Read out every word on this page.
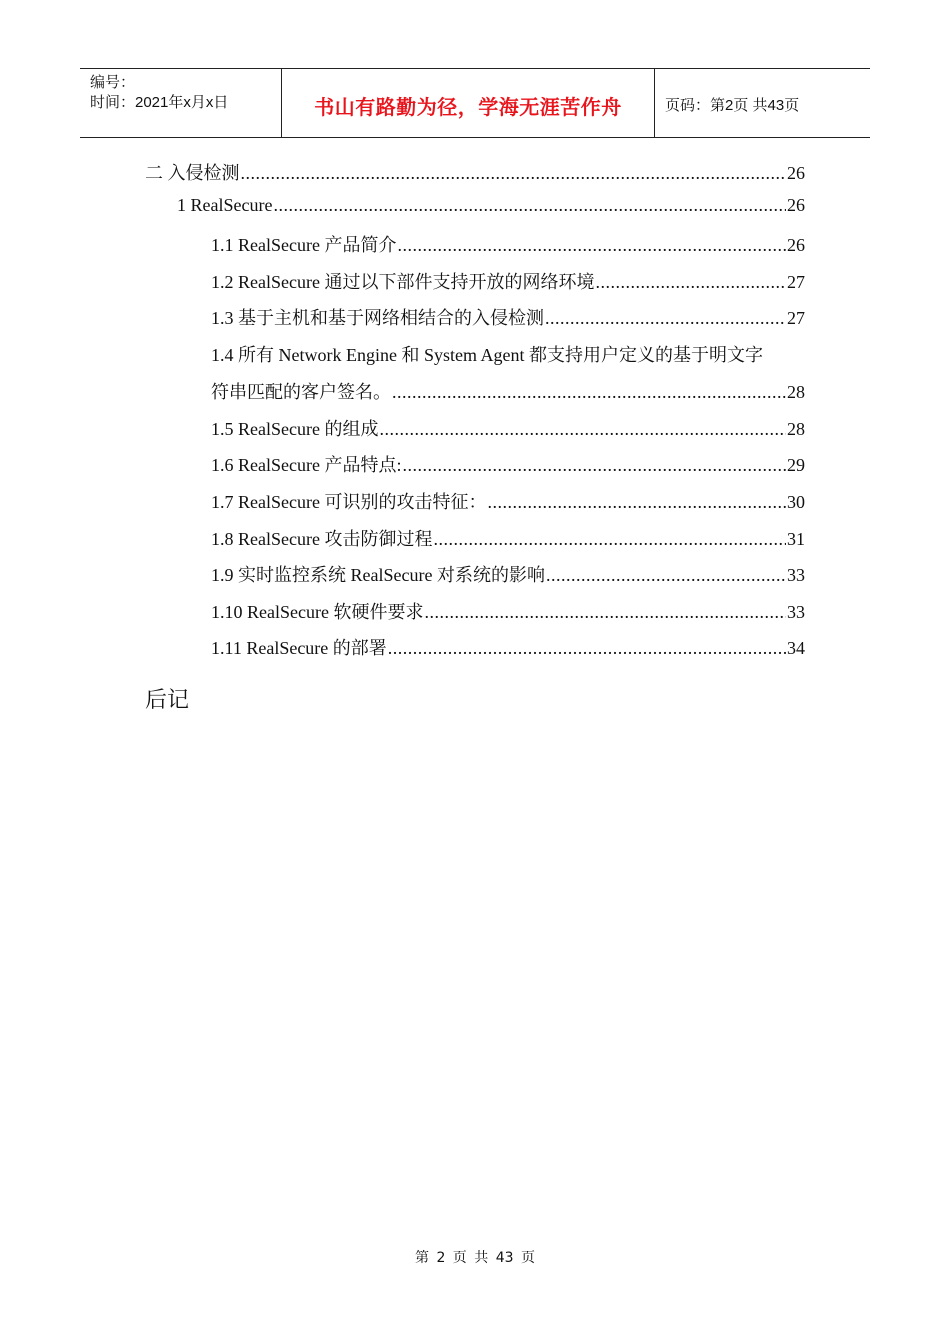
编号：
时间：2021年x月x日	书山有路勤为径，学海无涯苦作舟	页码：第2页 共43页
二 入侵检测 .....	26
1 RealSecure .....	26
1.1 RealSecure 产品简介 .....	26
1.2 RealSecure 通过以下部件支持开放的网络环境 .....	27
1.3 基于主机和基于网络相结合的入侵检测 .....	27
1.4 所有 Network Engine 和 System Agent 都支持用户定义的基于明文字
符串匹配的客户签名。 .....	28
1.5 RealSecure 的组成 .....	28
1.6 RealSecure 产品特点: .....	29
1.7 RealSecure 可识别的攻击特征： .....	30
1.8 RealSecure 攻击防御过程 .....	31
1.9 实时监控系统 RealSecure 对系统的影响 .....	33
1.10 RealSecure 软硬件要求 .....	33
1.11 RealSecure 的部署 .....	34
后记
第 2 页 共 43 页
